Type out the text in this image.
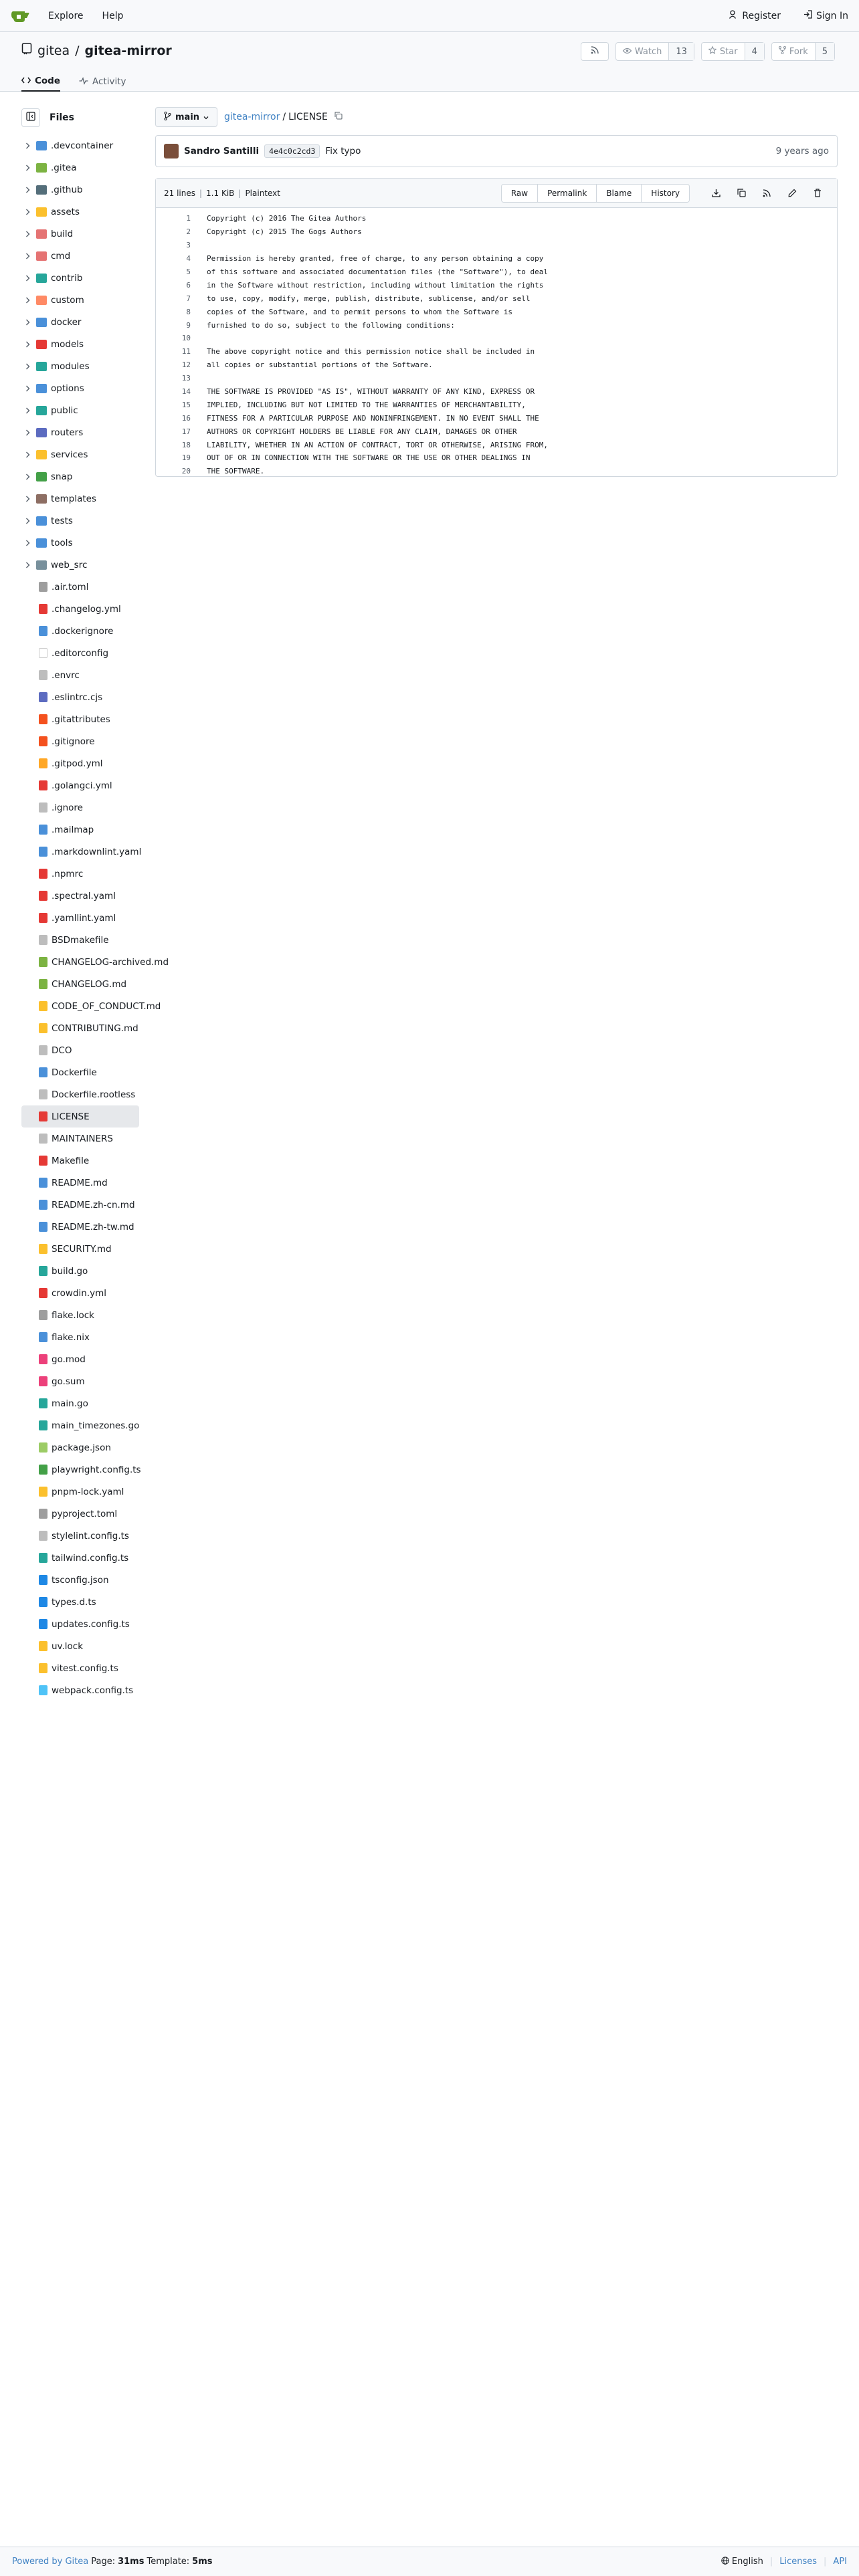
Explore Help	Register	Sign In
gitea / gitea-mirror	Watch	13	Star	4	Fork	5
Code	Activity
Files
.devcontainer
.gitea
.github
assets
build
cmd
contrib
custom
docker
models
modules
options
public
routers
services
snap
templates
tests
tools
web_src
.air.toml
.changelog.yml
.dockerignore
.editorconfig
.envrc
.eslintrc.cjs
.gitattributes
.gitignore
.gitpod.yml
.golangci.yml
.ignore
.mailmap
.markdownlint.yaml
.npmrc
.spectral.yaml
.yamllint.yaml
BSDmakefile
CHANGELOG-archived.md
CHANGELOG.md
CODE_OF_CONDUCT.md
CONTRIBUTING.md
DCO
Dockerfile
Dockerfile.rootless
LICENSE
MAINTAINERS
Makefile
README.md
README.zh-cn.md
README.zh-tw.md
SECURITY.md
build.go
crowdin.yml
flake.lock
flake.nix
go.mod
go.sum
main.go
main_timezones.go
package.json
playwright.config.ts
pnpm-lock.yaml
pyproject.toml
stylelint.config.ts
tailwind.config.ts
tsconfig.json
types.d.ts
updates.config.ts
uv.lock
vitest.config.ts
webpack.config.ts
main	gitea-mirror / LICENSE
Sandro Santilli	4e4c0c2cd3	Fix typo	9 years ago
21 lines | 1.1 KiB | Plaintext	Raw	Permalink	Blame	History
1	Copyright (c) 2016 The Gitea Authors
2	Copyright (c) 2015 The Gogs Authors
3
4	Permission is hereby granted, free of charge, to any person obtaining a copy
5	of this software and associated documentation files (the "Software"), to deal
6	in the Software without restriction, including without limitation the rights
7	to use, copy, modify, merge, publish, distribute, sublicense, and/or sell
8	copies of the Software, and to permit persons to whom the Software is
9	furnished to do so, subject to the following conditions:
10
11	The above copyright notice and this permission notice shall be included in
12	all copies or substantial portions of the Software.
13
14	THE SOFTWARE IS PROVIDED "AS IS", WITHOUT WARRANTY OF ANY KIND, EXPRESS OR
15	IMPLIED, INCLUDING BUT NOT LIMITED TO THE WARRANTIES OF MERCHANTABILITY,
16	FITNESS FOR A PARTICULAR PURPOSE AND NONINFRINGEMENT. IN NO EVENT SHALL THE
17	AUTHORS OR COPYRIGHT HOLDERS BE LIABLE FOR ANY CLAIM, DAMAGES OR OTHER
18	LIABILITY, WHETHER IN AN ACTION OF CONTRACT, TORT OR OTHERWISE, ARISING FROM,
19	OUT OF OR IN CONNECTION WITH THE SOFTWARE OR THE USE OR OTHER DEALINGS IN
20	THE SOFTWARE.
Powered by Gitea Page: 31ms Template: 5ms	English | Licenses | API
